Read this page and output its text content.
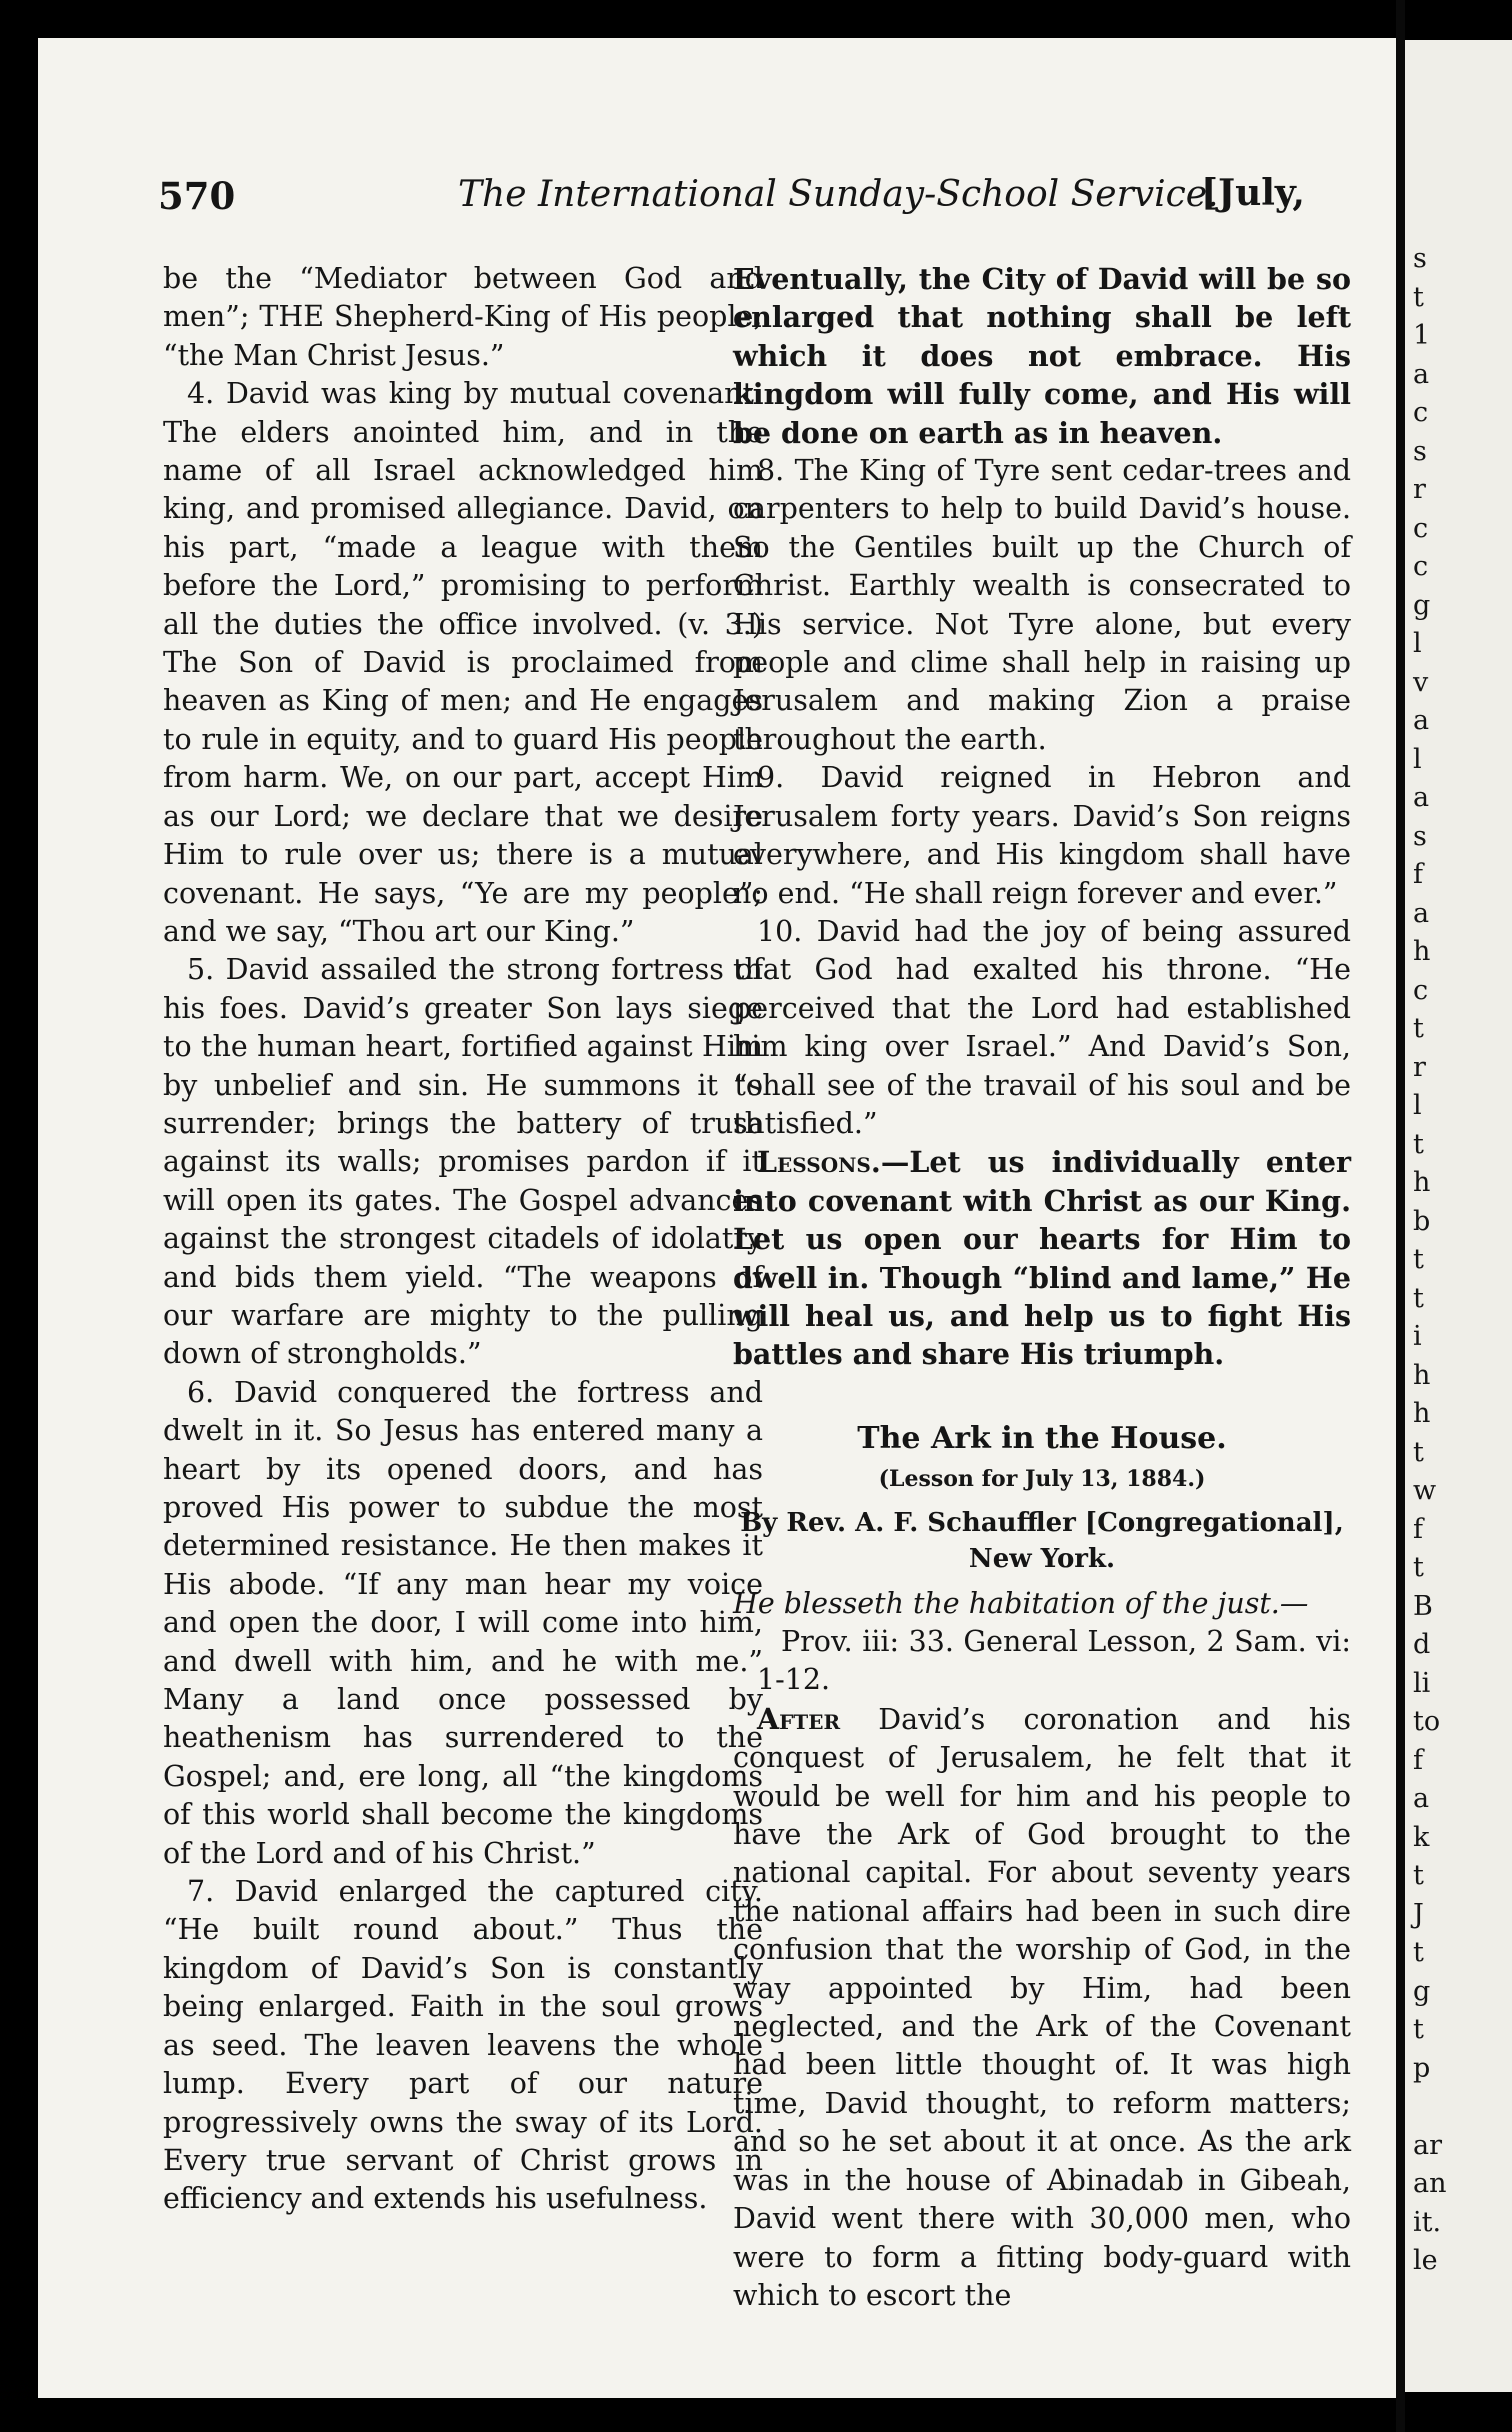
570	The International Sunday-School Service.
[July,

be the “Mediator between God and men”; THE Shepherd-King of His people; “the Man Christ Jesus.”

4. David was king by mutual covenant. The elders anointed him, and in the name of all Israel acknowledged him king, and promised allegiance. David, on his part, “made a league with them before the Lord,” promising to perform all the duties the office involved. (v. 3.) The Son of David is proclaimed from heaven as King of men; and He engages to rule in equity, and to guard His people from harm. We, on our part, accept Him as our Lord; we declare that we desire Him to rule over us; there is a mutual covenant. He says, “Ye are my people”; and we say, “Thou art our King.”

5. David assailed the strong fortress of his foes. David’s greater Son lays siege to the human heart, fortified against Him by unbelief and sin. He summons it to surrender; brings the battery of truth against its walls; promises pardon if it will open its gates. The Gospel advances against the strongest citadels of idolatry and bids them yield. “The weapons of our warfare are mighty to the pulling down of strongholds.”

6. David conquered the fortress and dwelt in it. So Jesus has entered many a heart by its opened doors, and has proved His power to subdue the most determined resistance. He then makes it His abode. “If any man hear my voice and open the door, I will come into him, and dwell with him, and he with me.” Many a land once possessed by heathenism has surrendered to the Gospel; and, ere long, all “the kingdoms of this world shall become the kingdoms of the Lord and of his Christ.”

7. David enlarged the captured city. “He built round about.” Thus the kingdom of David’s Son is constantly being enlarged. Faith in the soul grows as seed. The leaven leavens the whole lump. Every part of our nature progressively owns the sway of its Lord. Every true servant of Christ grows in efficiency and extends his usefulness.

Eventually, the City of David will be so enlarged that nothing shall be left which it does not embrace. His kingdom will fully come, and His will be done on earth as in heaven.

8. The King of Tyre sent cedar-trees and carpenters to help to build David’s house. So the Gentiles built up the Church of Christ. Earthly wealth is consecrated to His service. Not Tyre alone, but every people and clime shall help in raising up Jerusalem and making Zion a praise throughout the earth.

9. David reigned in Hebron and Jerusalem forty years. David’s Son reigns everywhere, and His kingdom shall have no end. “He shall reign forever and ever.”

10. David had the joy of being assured that God had exalted his throne. “He perceived that the Lord had established him king over Israel.” And David’s Son, “shall see of the travail of his soul and be satisfied.”

Lessons.—Let us individually enter into covenant with Christ as our King. Let us open our hearts for Him to dwell in. Though “blind and lame,” He will heal us, and help us to fight His battles and share His triumph.

The Ark in the House.
(Lesson for July 13, 1884.)

By Rev. A. F. Schauffler [Congregational], New York.

He blesseth the habitation of the just.—

Prov. iii: 33. General Lesson, 2 Sam. vi: 1-12.

After David’s coronation and his conquest of Jerusalem, he felt that it would be well for him and his people to have the Ark of God brought to the national capital. For about seventy years the national affairs had been in such dire confusion that the worship of God, in the way appointed by Him, had been neglected, and the Ark of the Covenant had been little thought of. It was high time, David thought, to reform matters; and so he set about it at once. As the ark was in the house of Abinadab in Gibeah, David went there with 30,000 men, who were to form a fitting body-guard with which to escort the

s
t
1
a
c
s
r
c
c
g
l
v
a
l
a
s
f
a
h
c
t
r
l
t
h
b
t
t
i
h
h
t
w
f
t
B
d
li
to
f
a
k
t
J
t
g
t
p
ar
an
it.
le
